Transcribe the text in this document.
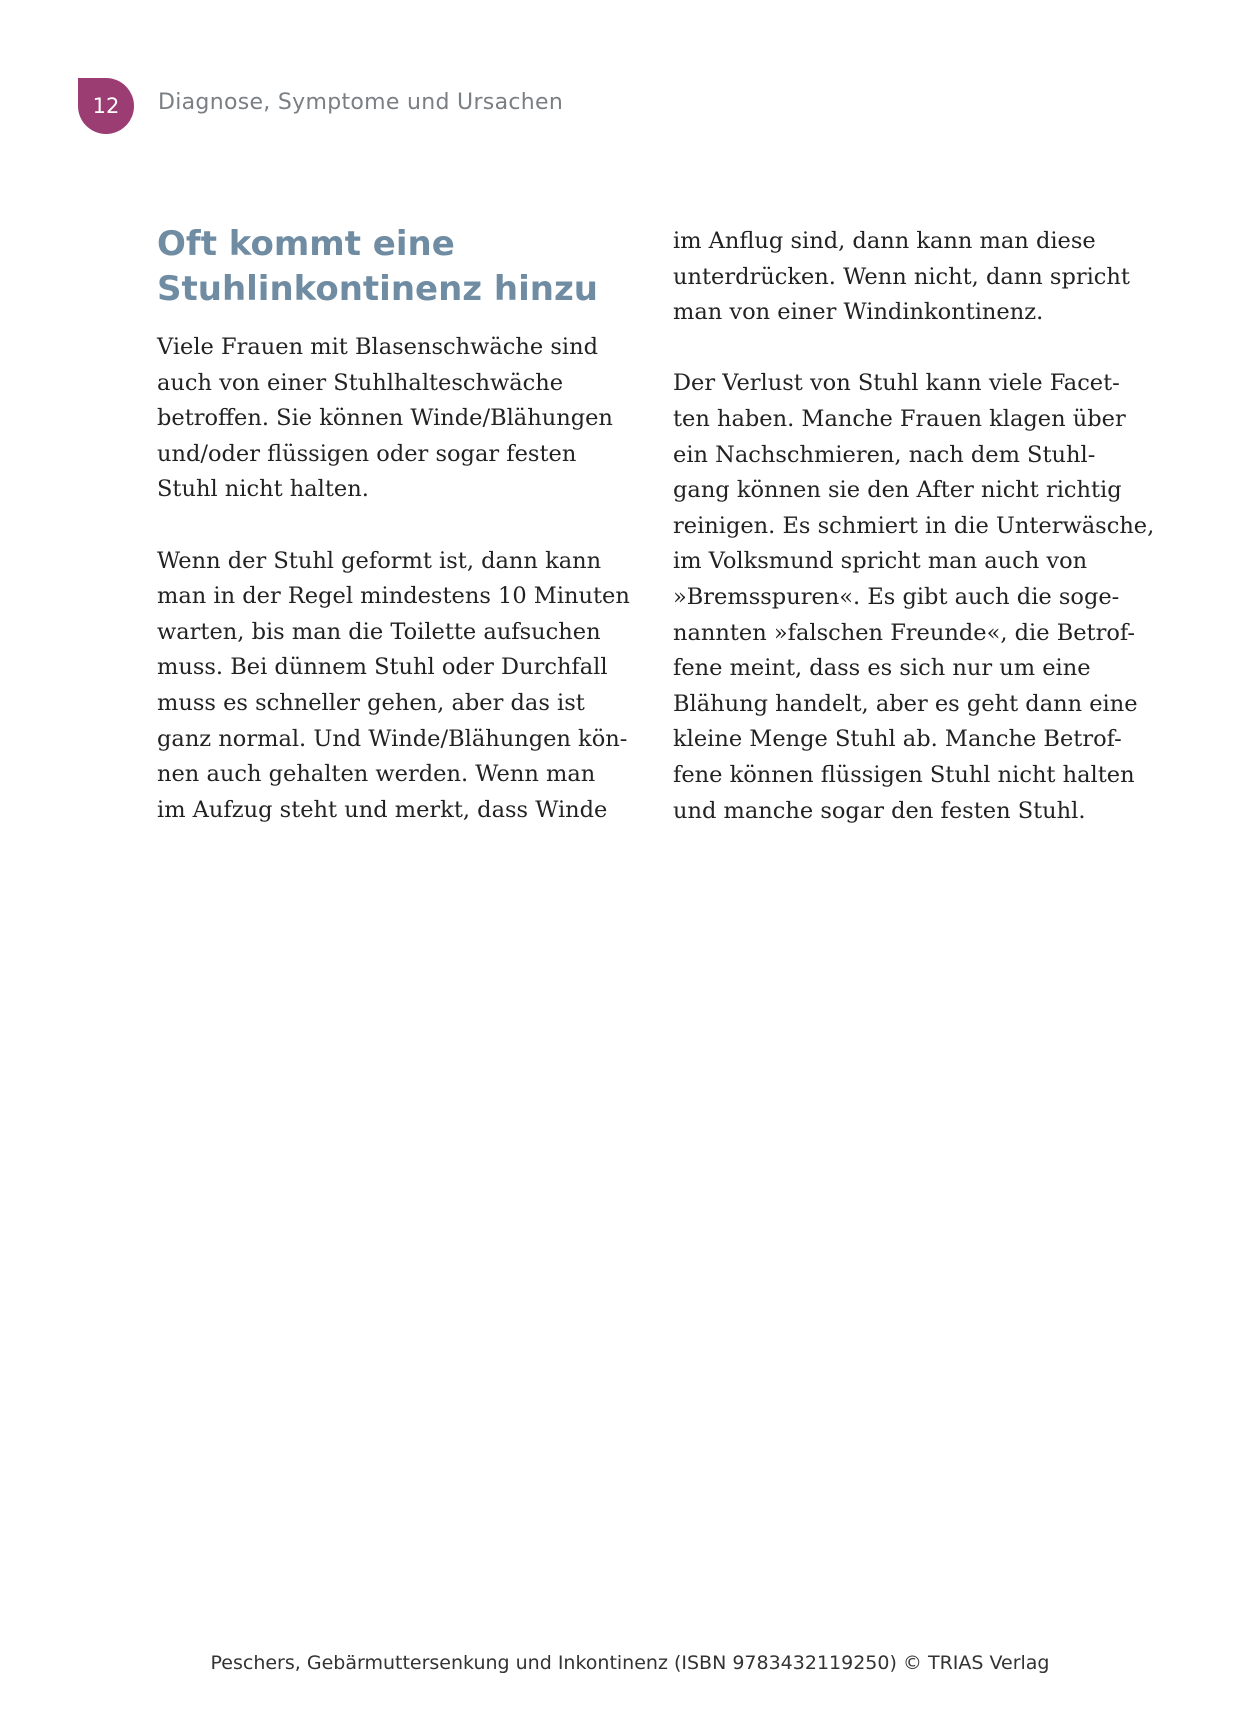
12 Diagnose, Symptome und Ursachen
Oft kommt eine
Stuhlinkontinenz hinzu

Viele Frauen mit Blasenschwäche sind
auch von einer Stuhlhalteschwäche
betroffen. Sie können Winde/Blähungen
und/oder flüssigen oder sogar festen
Stuhl nicht halten.

Wenn der Stuhl geformt ist, dann kann
man in der Regel mindestens 10 Minuten
warten, bis man die Toilette aufsuchen
muss. Bei dünnem Stuhl oder Durchfall
muss es schneller gehen, aber das ist
ganz normal. Und Winde/Blähungen kön-
nen auch gehalten werden. Wenn man
im Aufzug steht und merkt, dass Winde

im Anflug sind, dann kann man diese
unterdrücken. Wenn nicht, dann spricht
man von einer Windinkontinenz.

Der Verlust von Stuhl kann viele Facet-
ten haben. Manche Frauen klagen über
ein Nachschmieren, nach dem Stuhl-
gang können sie den After nicht richtig
reinigen. Es schmiert in die Unterwäsche,
im Volksmund spricht man auch von
»Bremsspuren«. Es gibt auch die soge-
nannten »falschen Freunde«, die Betrof-
fene meint, dass es sich nur um eine
Blähung handelt, aber es geht dann eine
kleine Menge Stuhl ab. Manche Betrof-
fene können flüssigen Stuhl nicht halten
und manche sogar den festen Stuhl.

Peschers, Gebärmuttersenkung und Inkontinenz (ISBN 9783432119250) © TRIAS Verlag
